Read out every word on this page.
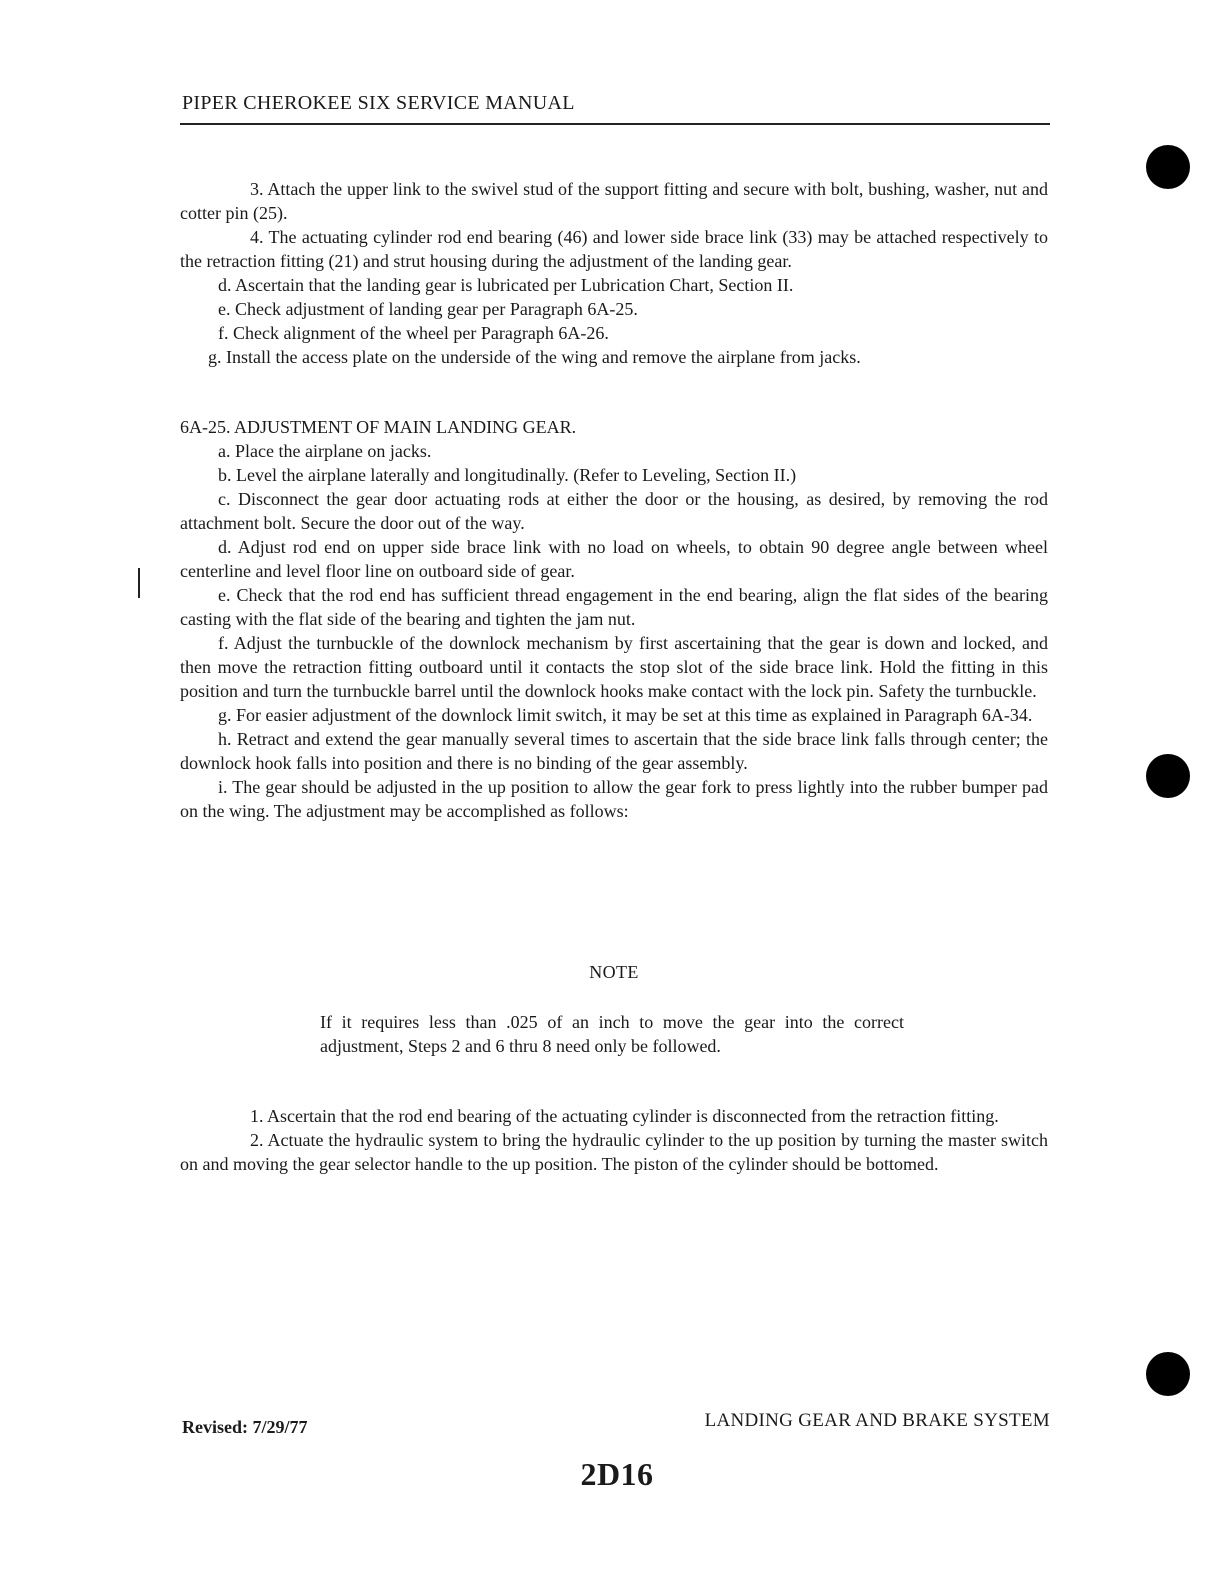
PIPER CHEROKEE SIX SERVICE MANUAL

3. Attach the upper link to the swivel stud of the support fitting and secure with bolt, bushing, washer, nut and cotter pin (25).

4. The actuating cylinder rod end bearing (46) and lower side brace link (33) may be attached respectively to the retraction fitting (21) and strut housing during the adjustment of the landing gear.

d. Ascertain that the landing gear is lubricated per Lubrication Chart, Section II.

e. Check adjustment of landing gear per Paragraph 6A-25.

f. Check alignment of the wheel per Paragraph 6A-26.

g. Install the access plate on the underside of the wing and remove the airplane from jacks.

6A-25. ADJUSTMENT OF MAIN LANDING GEAR.

a. Place the airplane on jacks.

b. Level the airplane laterally and longitudinally. (Refer to Leveling, Section II.)

c. Disconnect the gear door actuating rods at either the door or the housing, as desired, by removing the rod attachment bolt. Secure the door out of the way.

d. Adjust rod end on upper side brace link with no load on wheels, to obtain 90 degree angle between wheel centerline and level floor line on outboard side of gear.

e. Check that the rod end has sufficient thread engagement in the end bearing, align the flat sides of the bearing casting with the flat side of the bearing and tighten the jam nut.

f. Adjust the turnbuckle of the downlock mechanism by first ascertaining that the gear is down and locked, and then move the retraction fitting outboard until it contacts the stop slot of the side brace link. Hold the fitting in this position and turn the turnbuckle barrel until the downlock hooks make contact with the lock pin. Safety the turnbuckle.

g. For easier adjustment of the downlock limit switch, it may be set at this time as explained in Paragraph 6A-34.

h. Retract and extend the gear manually several times to ascertain that the side brace link falls through center; the downlock hook falls into position and there is no binding of the gear assembly.

i. The gear should be adjusted in the up position to allow the gear fork to press lightly into the rubber bumper pad on the wing. The adjustment may be accomplished as follows:

NOTE
If it requires less than .025 of an inch to move the gear into the correct adjustment, Steps 2 and 6 thru 8 need only be followed.

1. Ascertain that the rod end bearing of the actuating cylinder is disconnected from the retraction fitting.

2. Actuate the hydraulic system to bring the hydraulic cylinder to the up position by turning the master switch on and moving the gear selector handle to the up position. The piston of the cylinder should be bottomed.

Revised: 7/29/77	LANDING GEAR AND BRAKE SYSTEM
2D16
